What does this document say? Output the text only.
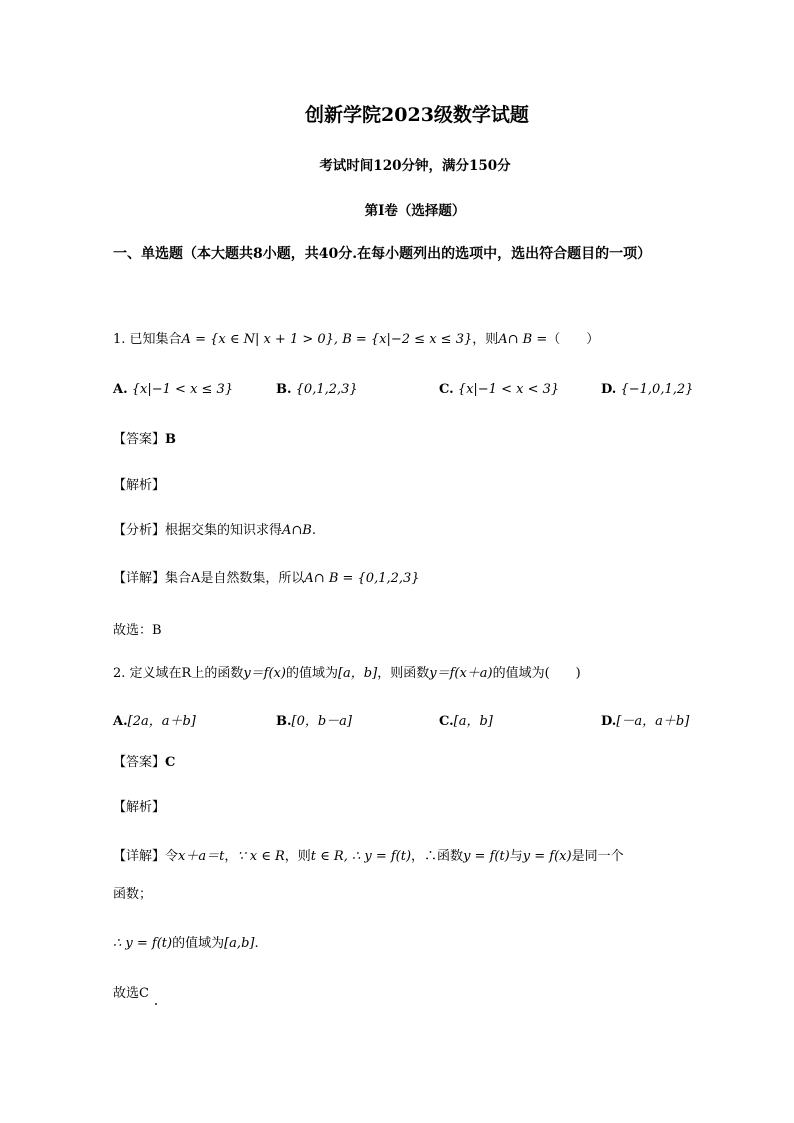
创新学院2023级数学试题
考试时间120分钟，满分150分
第I卷（选择题）
一、单选题（本大题共8小题，共40分.在每小题列出的选项中，选出符合题目的一项）
1. 已知集合A = {x ∈ N| x + 1 > 0}, B = {x|−2 ≤ x ≤ 3}，则A∩ B =（　　）
A. {x|−1 < x ≤ 3}	B. {0,1,2,3}	C. {x|−1 < x < 3}	D. {−1,0,1,2}
【答案】B
【解析】
【分析】根据交集的知识求得A∩B.
【详解】集合A是自然数集，所以A∩ B = {0,1,2,3}
故选：B
2. 定义域在R上的函数y＝f(x)的值域为[a，b]，则函数y＝f(x＋a)的值域为(　　)
A.[2a，a＋b]	B.[0，b－a]	C.[a，b]	D.[－a，a＋b]
【答案】C
【解析】
【详解】令x＋a＝t，∵ x ∈ R，则t ∈ R, ∴ y = f(t)，∴函数y = f(t)与y = f(x)是同一个
函数；
∴ y = f(t)的值域为[a,b].
故选C
